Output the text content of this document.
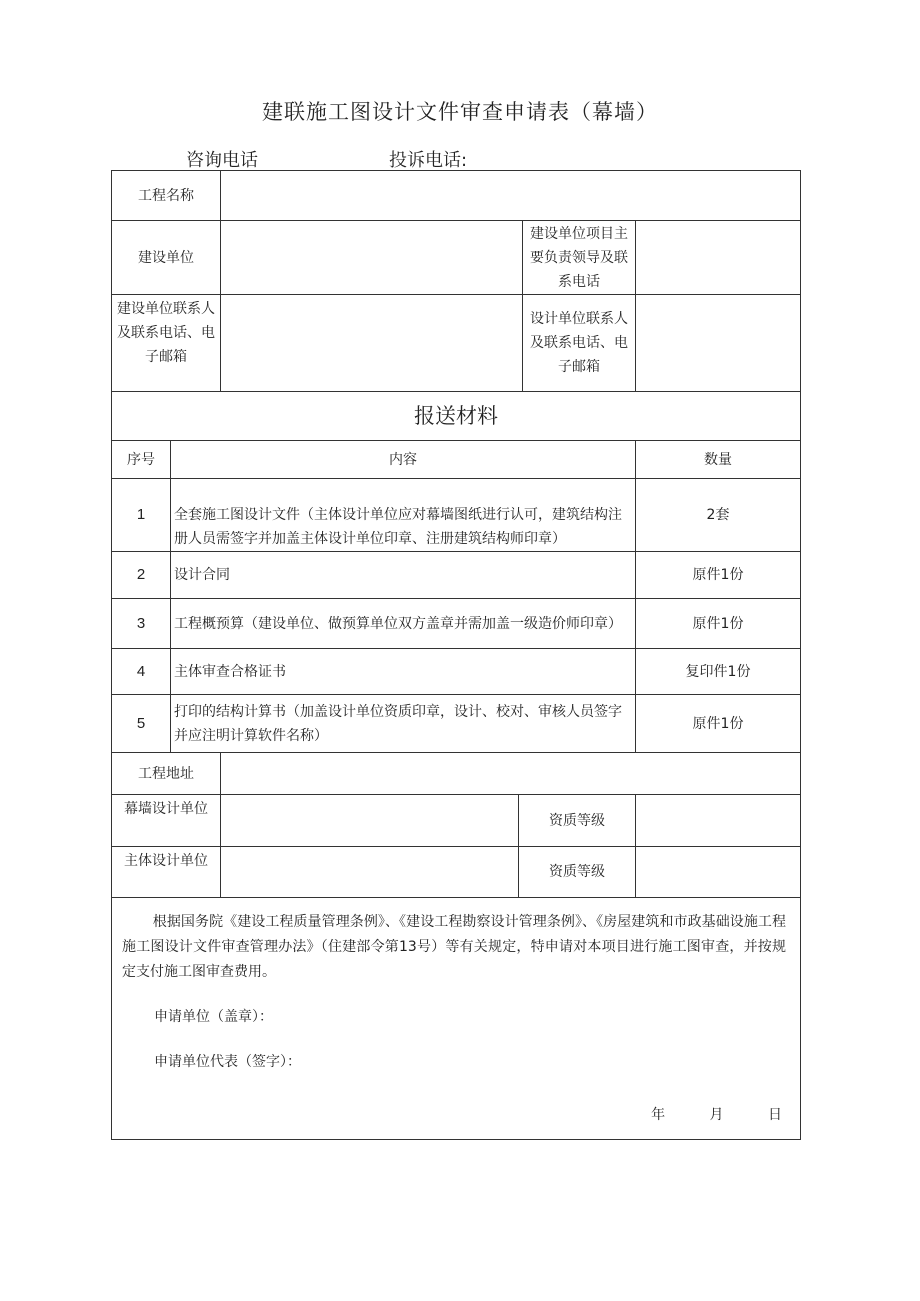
建联施工图设计文件审查申请表（幕墙）
咨询电话	投诉电话:
工程名称				
建设单位			建设单位项目主要负责领导及联系电话	
建设单位联系人及联系电话、电子邮箱			设计单位联系人及联系电话、电子邮箱	
报送材料				
序号	内容			数量
1	全套施工图设计文件（主体设计单位应对幕墙图纸进行认可，建筑结构注册人员需签字并加盖主体设计单位印章、注册建筑结构师印章）			2套
2	设计合同			原件1份
3	工程概预算（建设单位、做预算单位双方盖章并需加盖一级造价师印章）			原件1份
4	主体审查合格证书			复印件1份
5	打印的结构计算书（加盖设计单位资质印章，设计、校对、审核人员签字并应注明计算软件名称）			原件1份
工程地址				
幕墙设计单位		资质等级		

主体设计单位		资质等级		

根据国务院《建设工程质量管理条例》、《建设工程勘察设计管理条例》、《房屋建筑和市政基础设施工程施工图设计文件审查管理办法》（住建部令第13号）等有关规定，特申请对本项目进行施工图审查，并按规定支付施工图审查费用。

申请单位（盖章）：

申请单位代表（签字）：

年 月 日				
